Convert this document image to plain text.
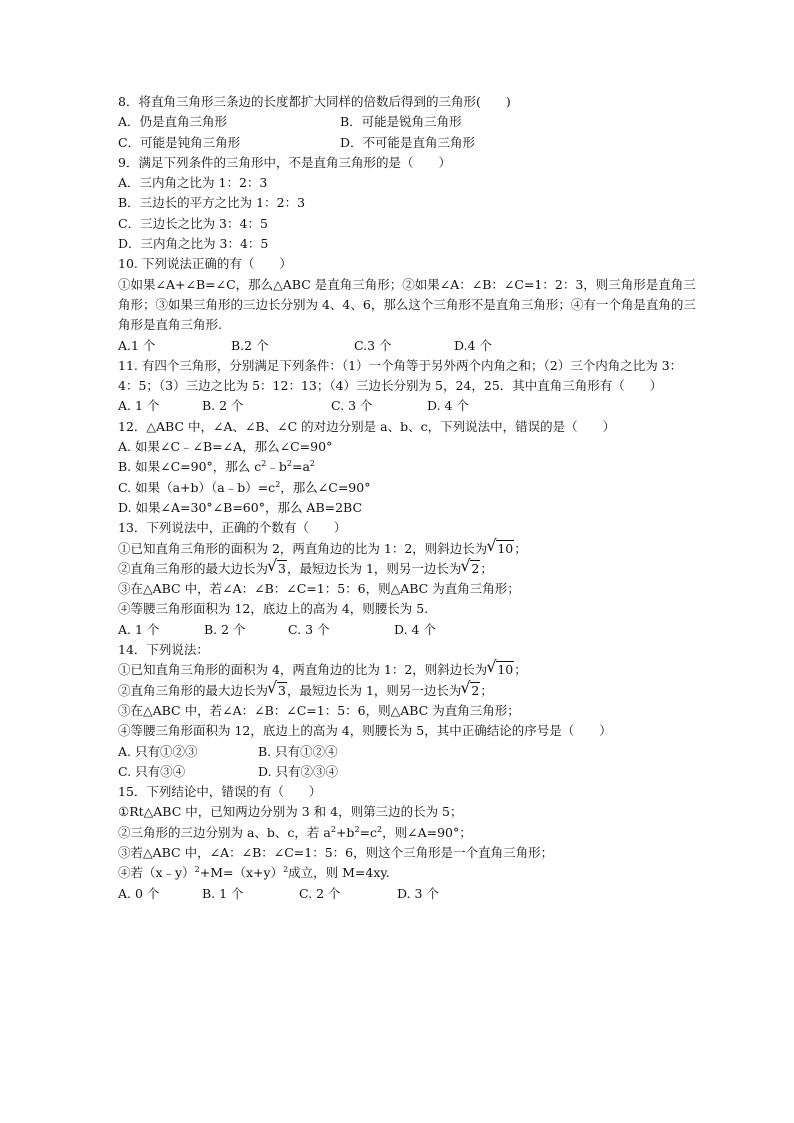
8．将直角三角形三条边的长度都扩大同样的倍数后得到的三角形(　　)
A．仍是直角三角形	B．可能是锐角三角形
C．可能是钝角三角形	D．不可能是直角三角形
9．满足下列条件的三角形中，不是直角三角形的是（　　）
A．三内角之比为 1：2：3
B．三边长的平方之比为 1：2：3
C．三边长之比为 3：4：5
D．三内角之比为 3：4：5
10. 下列说法正确的有（　　）
①如果∠A+∠B=∠C，那么△ABC 是直角三角形；②如果∠A：∠B：∠C=1：2：3，则三角形是直角三角形；③如果三角形的三边长分别为 4、4、6，那么这个三角形不是直角三角形；④有一个角是直角的三角形是直角三角形.
A.1 个	B.2 个	C.3 个	D.4 个
11. 有四个三角形，分别满足下列条件：（1）一个角等于另外两个内角之和；（2）三个内角之比为 3：4：5；（3）三边之比为 5：12：13；（4）三边长分别为 5，24，25．其中直角三角形有（　　）
A. 1 个	B. 2 个	C. 3 个	D. 4 个
12．△ABC 中，∠A、∠B、∠C 的对边分别是 a、b、c，下列说法中，错误的是（　　）
A. 如果∠C﹣∠B=∠A，那么∠C=90°
B. 如果∠C=90°，那么 $c^2﹣b^2=a^2$
C. 如果$(a+b)(a﹣b)=c^2$，那么∠C=90°
D. 如果∠A=30°∠B=60°，那么 AB=2BC
13．下列说法中，正确的个数有（　　）
①已知直角三角形的面积为 2，两直角边的比为 1：2，则斜边长为 √ 10；
②直角三角形的最大边长为 √ 3，最短边长为 1，则另一边长为 √ 2；
③在△ABC 中，若∠A：∠B：∠C=1：5：6，则△ABC 为直角三角形；
④等腰三角形面积为 12，底边上的高为 4，则腰长为 5.
A. 1 个	B. 2 个	C. 3 个	D. 4 个
14．下列说法：
①已知直角三角形的面积为 4，两直角边的比为 1：2，则斜边长为 √ 10；
②直角三角形的最大边长为 √ 3，最短边长为 1，则另一边长为 √ 2；
③在△ABC 中，若∠A：∠B：∠C=1：5：6，则△ABC 为直角三角形；
④等腰三角形面积为 12，底边上的高为 4，则腰长为 5，其中正确结论的序号是（　　）
A. 只有①②③	B. 只有①②④
C. 只有③④	D. 只有②③④
15．下列结论中，错误的有（　　）
①Rt△ABC 中，已知两边分别为 3 和 4，则第三边的长为 5；
②三角形的三边分别为 a、b、c，若 $a^2+b^2=c^2$，则∠A=90°；
③若△ABC 中，∠A：∠B：∠C=1：5：6，则这个三角形是一个直角三角形；
④若$(x﹣y)^2+M=(x+y)^2$成立，则 M=4xy.
A. 0 个	B. 1 个	C. 2 个	D. 3 个
